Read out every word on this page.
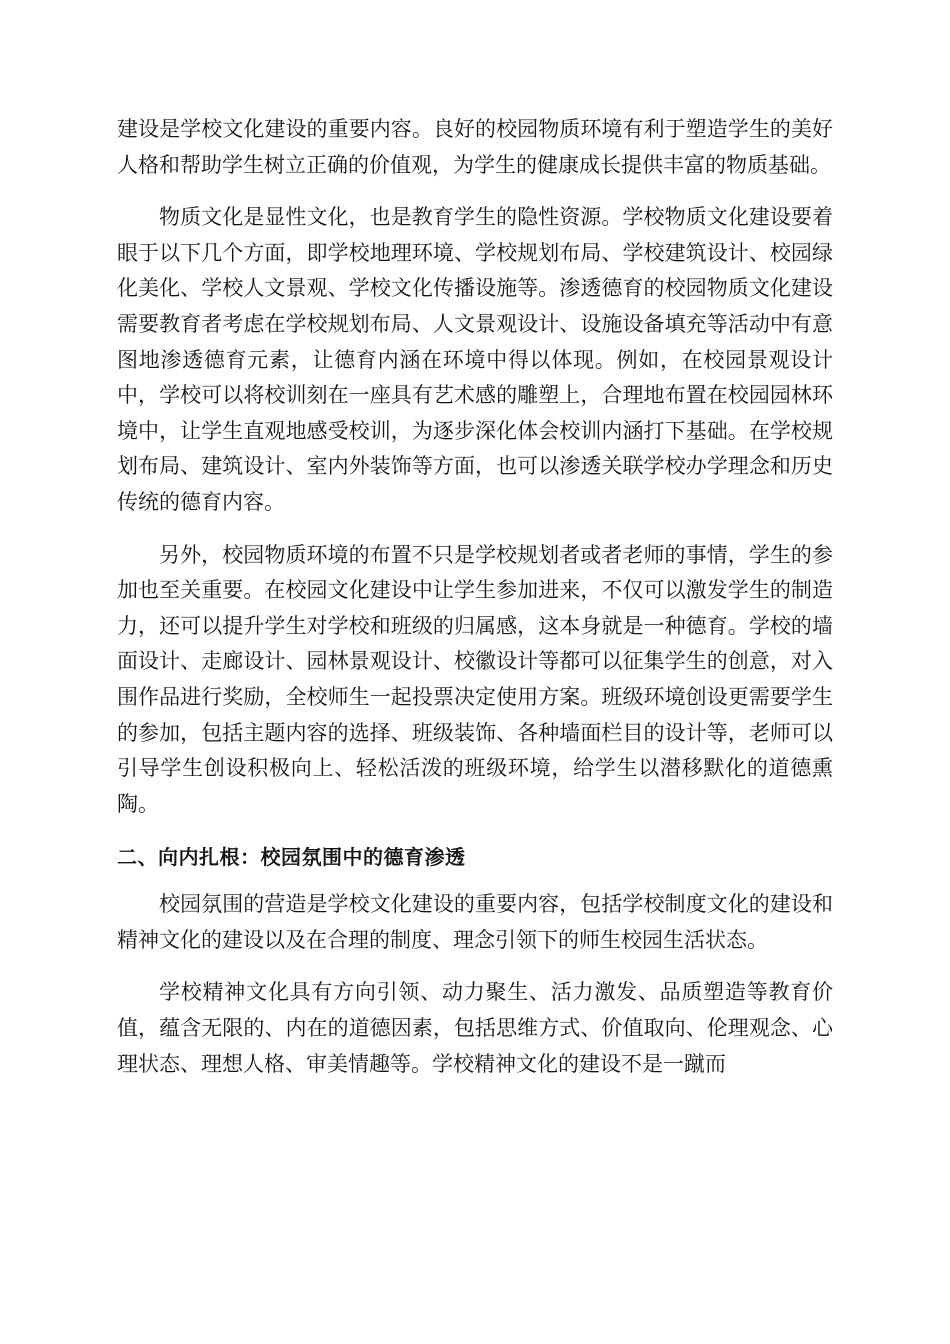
建设是学校文化建设的重要内容。良好的校园物质环境有利于塑造学生的美好人格和帮助学生树立正确的价值观，为学生的健康成长提供丰富的物质基础。

物质文化是显性文化，也是教育学生的隐性资源。学校物质文化建设要着眼于以下几个方面，即学校地理环境、学校规划布局、学校建筑设计、校园绿化美化、学校人文景观、学校文化传播设施等。渗透德育的校园物质文化建设需要教育者考虑在学校规划布局、人文景观设计、设施设备填充等活动中有意图地渗透德育元素，让德育内涵在环境中得以体现。例如，在校园景观设计中，学校可以将校训刻在一座具有艺术感的雕塑上，合理地布置在校园园林环境中，让学生直观地感受校训，为逐步深化体会校训内涵打下基础。在学校规划布局、建筑设计、室内外装饰等方面，也可以渗透关联学校办学理念和历史传统的德育内容。

另外，校园物质环境的布置不只是学校规划者或者老师的事情，学生的参加也至关重要。在校园文化建设中让学生参加进来，不仅可以激发学生的制造力，还可以提升学生对学校和班级的归属感，这本身就是一种德育。学校的墙面设计、走廊设计、园林景观设计、校徽设计等都可以征集学生的创意，对入围作品进行奖励，全校师生一起投票决定使用方案。班级环境创设更需要学生的参加，包括主题内容的选择、班级装饰、各种墙面栏目的设计等，老师可以引导学生创设积极向上、轻松活泼的班级环境，给学生以潜移默化的道德熏陶。

二、向内扎根：校园氛围中的德育渗透

校园氛围的营造是学校文化建设的重要内容，包括学校制度文化的建设和精神文化的建设以及在合理的制度、理念引领下的师生校园生活状态。

学校精神文化具有方向引领、动力聚生、活力激发、品质塑造等教育价值，蕴含无限的、内在的道德因素，包括思维方式、价值取向、伦理观念、心理状态、理想人格、审美情趣等。学校精神文化的建设不是一蹴而
